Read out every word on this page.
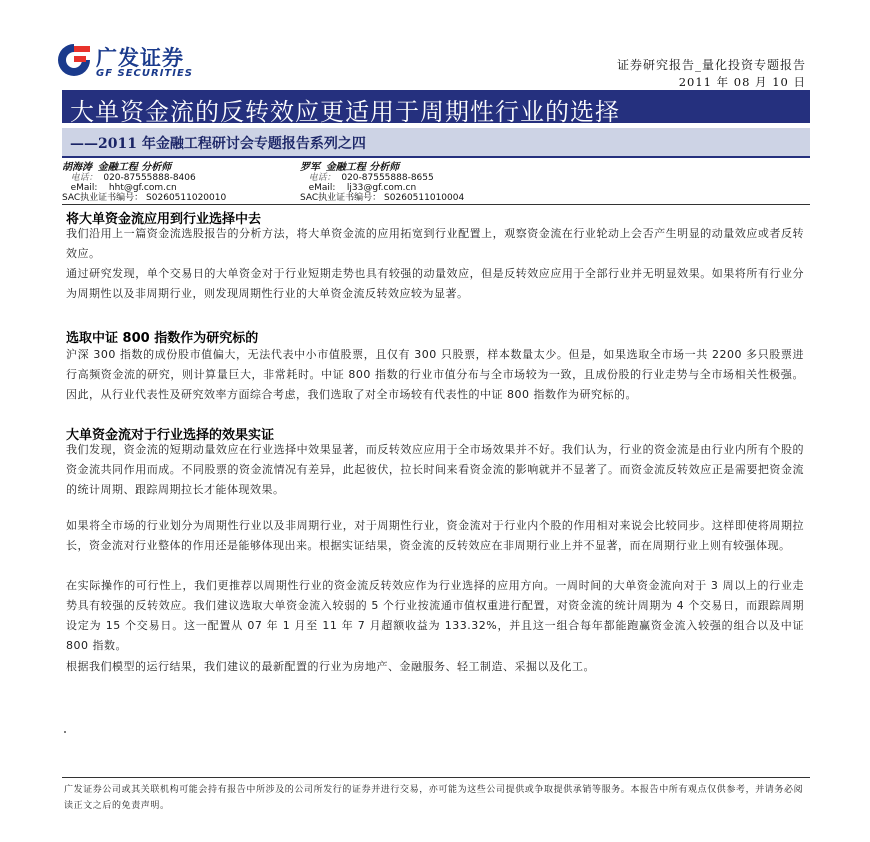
广发证券
GF SECURITIES
证券研究报告_量化投资专题报告
2011 年 08 月 10 日
大单资金流的反转效应更适用于周期性行业的选择
——2011 年金融工程研讨会专题报告系列之四
胡海涛 金融工程 分析师
电话： 020-87555888-8406
eMail: hht@gf.com.cn
SAC执业证书编号： S0260511020010
罗军 金融工程 分析师
电话： 020-87555888-8655
eMail: lj33@gf.com.cn
SAC执业证书编号： S0260511010004
将大单资金流应用到行业选择中去
我们沿用上一篇资金流选股报告的分析方法，将大单资金流的应用拓宽到行业配置上，观察资金流在行业轮动上会否产生明显的动量效应或者反转效应。
通过研究发现，单个交易日的大单资金对于行业短期走势也具有较强的动量效应，但是反转效应应用于全部行业并无明显效果。如果将所有行业分为周期性以及非周期行业，则发现周期性行业的大单资金流反转效应较为显著。
选取中证 800 指数作为研究标的
沪深 300 指数的成份股市值偏大，无法代表中小市值股票，且仅有 300 只股票，样本数量太少。但是，如果选取全市场一共 2200 多只股票进行高频资金流的研究，则计算量巨大，非常耗时。中证 800 指数的行业市值分布与全市场较为一致，且成份股的行业走势与全市场相关性极强。因此，从行业代表性及研究效率方面综合考虑，我们选取了对全市场较有代表性的中证 800 指数作为研究标的。
大单资金流对于行业选择的效果实证
我们发现，资金流的短期动量效应在行业选择中效果显著，而反转效应应用于全市场效果并不好。我们认为，行业的资金流是由行业内所有个股的资金流共同作用而成。不同股票的资金流情况有差异，此起彼伏，拉长时间来看资金流的影响就并不显著了。而资金流反转效应正是需要把资金流的统计周期、跟踪周期拉长才能体现效果。
如果将全市场的行业划分为周期性行业以及非周期行业，对于周期性行业，资金流对于行业内个股的作用相对来说会比较同步。这样即使将周期拉长，资金流对行业整体的作用还是能够体现出来。根据实证结果，资金流的反转效应在非周期行业上并不显著，而在周期行业上则有较强体现。
在实际操作的可行性上，我们更推荐以周期性行业的资金流反转效应作为行业选择的应用方向。一周时间的大单资金流向对于 3 周以上的行业走势具有较强的反转效应。我们建议选取大单资金流入较弱的 5 个行业按流通市值权重进行配置，对资金流的统计周期为 4 个交易日，而跟踪周期设定为 15 个交易日。这一配置从 07 年 1 月至 11 年 7 月超额收益为 133.32%，并且这一组合每年都能跑赢资金流入较强的组合以及中证 800 指数。
根据我们模型的运行结果，我们建议的最新配置的行业为房地产、金融服务、轻工制造、采掘以及化工。
广发证券公司或其关联机构可能会持有报告中所涉及的公司所发行的证券并进行交易，亦可能为这些公司提供或争取提供承销等服务。本报告中所有观点仅供参考，并请务必阅读正文之后的免责声明。
